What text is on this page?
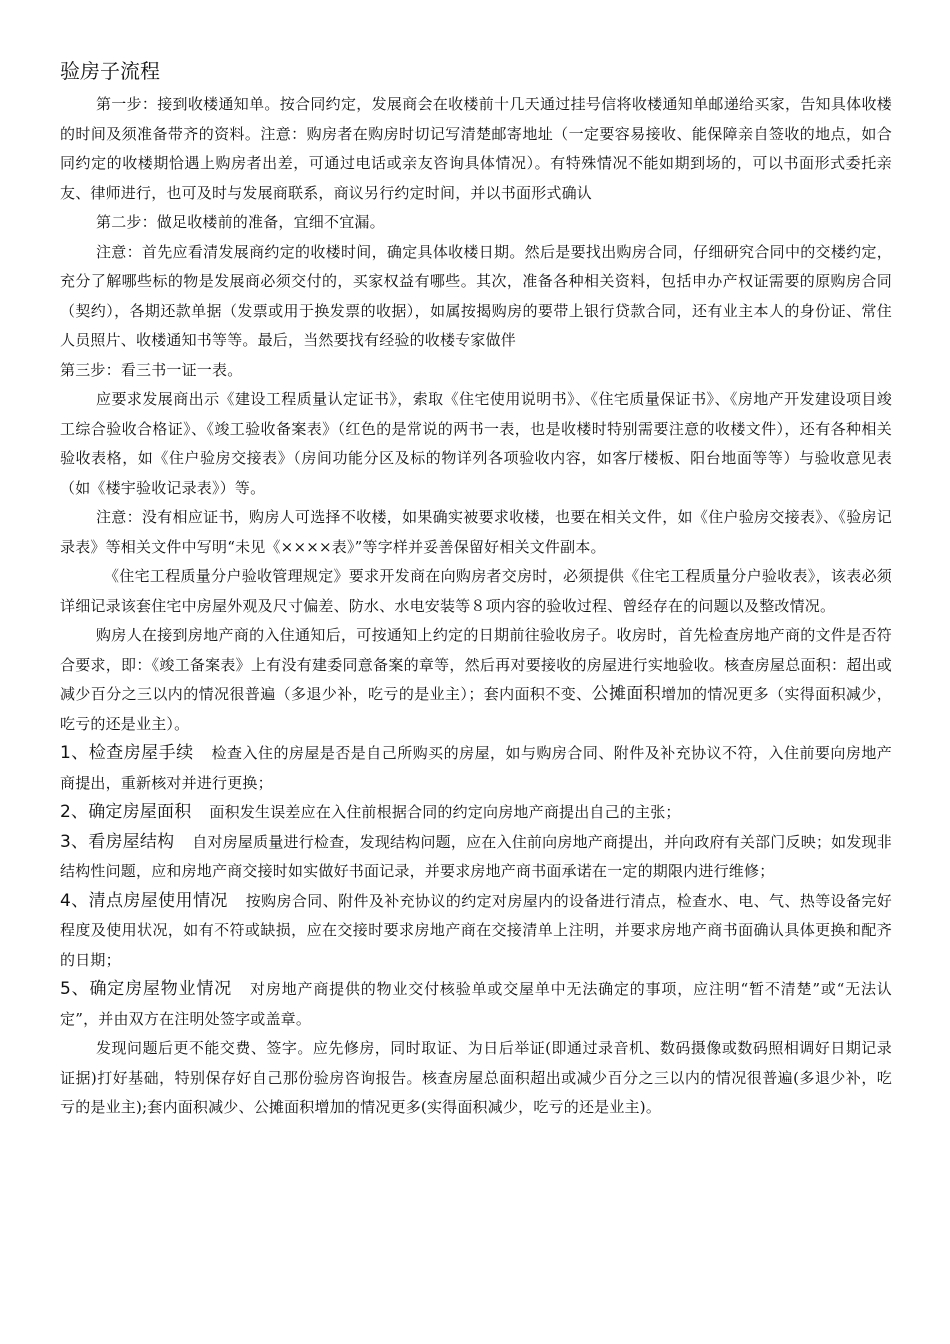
验房子流程

第一步：接到收楼通知单。按合同约定，发展商会在收楼前十几天通过挂号信将收楼通知单邮递给买家，告知具体收楼的时间及须准备带齐的资料。注意：购房者在购房时切记写清楚邮寄地址（一定要容易接收、能保障亲自签收的地点，如合同约定的收楼期恰遇上购房者出差，可通过电话或亲友咨询具体情况）。有特殊情况不能如期到场的，可以书面形式委托亲友、律师进行，也可及时与发展商联系，商议另行约定时间，并以书面形式确认

第二步：做足收楼前的准备，宜细不宜漏。

注意：首先应看清发展商约定的收楼时间，确定具体收楼日期。然后是要找出购房合同，仔细研究合同中的交楼约定，充分了解哪些标的物是发展商必须交付的，买家权益有哪些。其次，准备各种相关资料，包括申办产权证需要的原购房合同（契约），各期还款单据（发票或用于换发票的收据），如属按揭购房的要带上银行贷款合同，还有业主本人的身份证、常住人员照片、收楼通知书等等。最后，当然要找有经验的收楼专家做伴

第三步：看三书一证一表。

应要求发展商出示《建设工程质量认定证书》，索取《住宅使用说明书》、《住宅质量保证书》、《房地产开发建设项目竣工综合验收合格证》、《竣工验收备案表》（红色的是常说的两书一表，也是收楼时特别需要注意的收楼文件），还有各种相关验收表格，如《住户验房交接表》（房间功能分区及标的物详列各项验收内容，如客厅楼板、阳台地面等等）与验收意见表（如《楼宇验收记录表》）等。

注意：没有相应证书，购房人可选择不收楼，如果确实被要求收楼，也要在相关文件，如《住户验房交接表》、《验房记录表》等相关文件中写明“未见《××××表》”等字样并妥善保留好相关文件副本。

《住宅工程质量分户验收管理规定》要求开发商在向购房者交房时，必须提供《住宅工程质量分户验收表》，该表必须详细记录该套住宅中房屋外观及尺寸偏差、防水、水电安装等８项内容的验收过程、曾经存在的问题以及整改情况。

购房人在接到房地产商的入住通知后，可按通知上约定的日期前往验收房子。收房时，首先检查房地产商的文件是否符合要求，即：《竣工备案表》上有没有建委同意备案的章等，然后再对要接收的房屋进行实地验收。核查房屋总面积：超出或减少百分之三以内的情况很普遍（多退少补，吃亏的是业主）；套内面积不变、公摊面积增加的情况更多（实得面积减少，吃亏的还是业主）。

1、检查房屋手续 检查入住的房屋是否是自己所购买的房屋，如与购房合同、附件及补充协议不符，入住前要向房地产商提出，重新核对并进行更换；

2、确定房屋面积 面积发生误差应在入住前根据合同的约定向房地产商提出自己的主张；

3、看房屋结构 自对房屋质量进行检查，发现结构问题，应在入住前向房地产商提出，并向政府有关部门反映；如发现非结构性问题，应和房地产商交接时如实做好书面记录，并要求房地产商书面承诺在一定的期限内进行维修；

4、清点房屋使用情况 按购房合同、附件及补充协议的约定对房屋内的设备进行清点，检查水、电、气、热等设备完好程度及使用状况，如有不符或缺损，应在交接时要求房地产商在交接清单上注明，并要求房地产商书面确认具体更换和配齐的日期；

5、确定房屋物业情况 对房地产商提供的物业交付核验单或交屋单中无法确定的事项，应注明“暂不清楚”或“无法认定”，并由双方在注明处签字或盖章。

发现问题后更不能交费、签字。应先修房，同时取证、为日后举证(即通过录音机、数码摄像或数码照相调好日期记录证据)打好基础，特别保存好自己那份验房咨询报告。核查房屋总面积超出或减少百分之三以内的情况很普遍(多退少补，吃亏的是业主);套内面积减少、公摊面积增加的情况更多(实得面积减少，吃亏的还是业主)。
